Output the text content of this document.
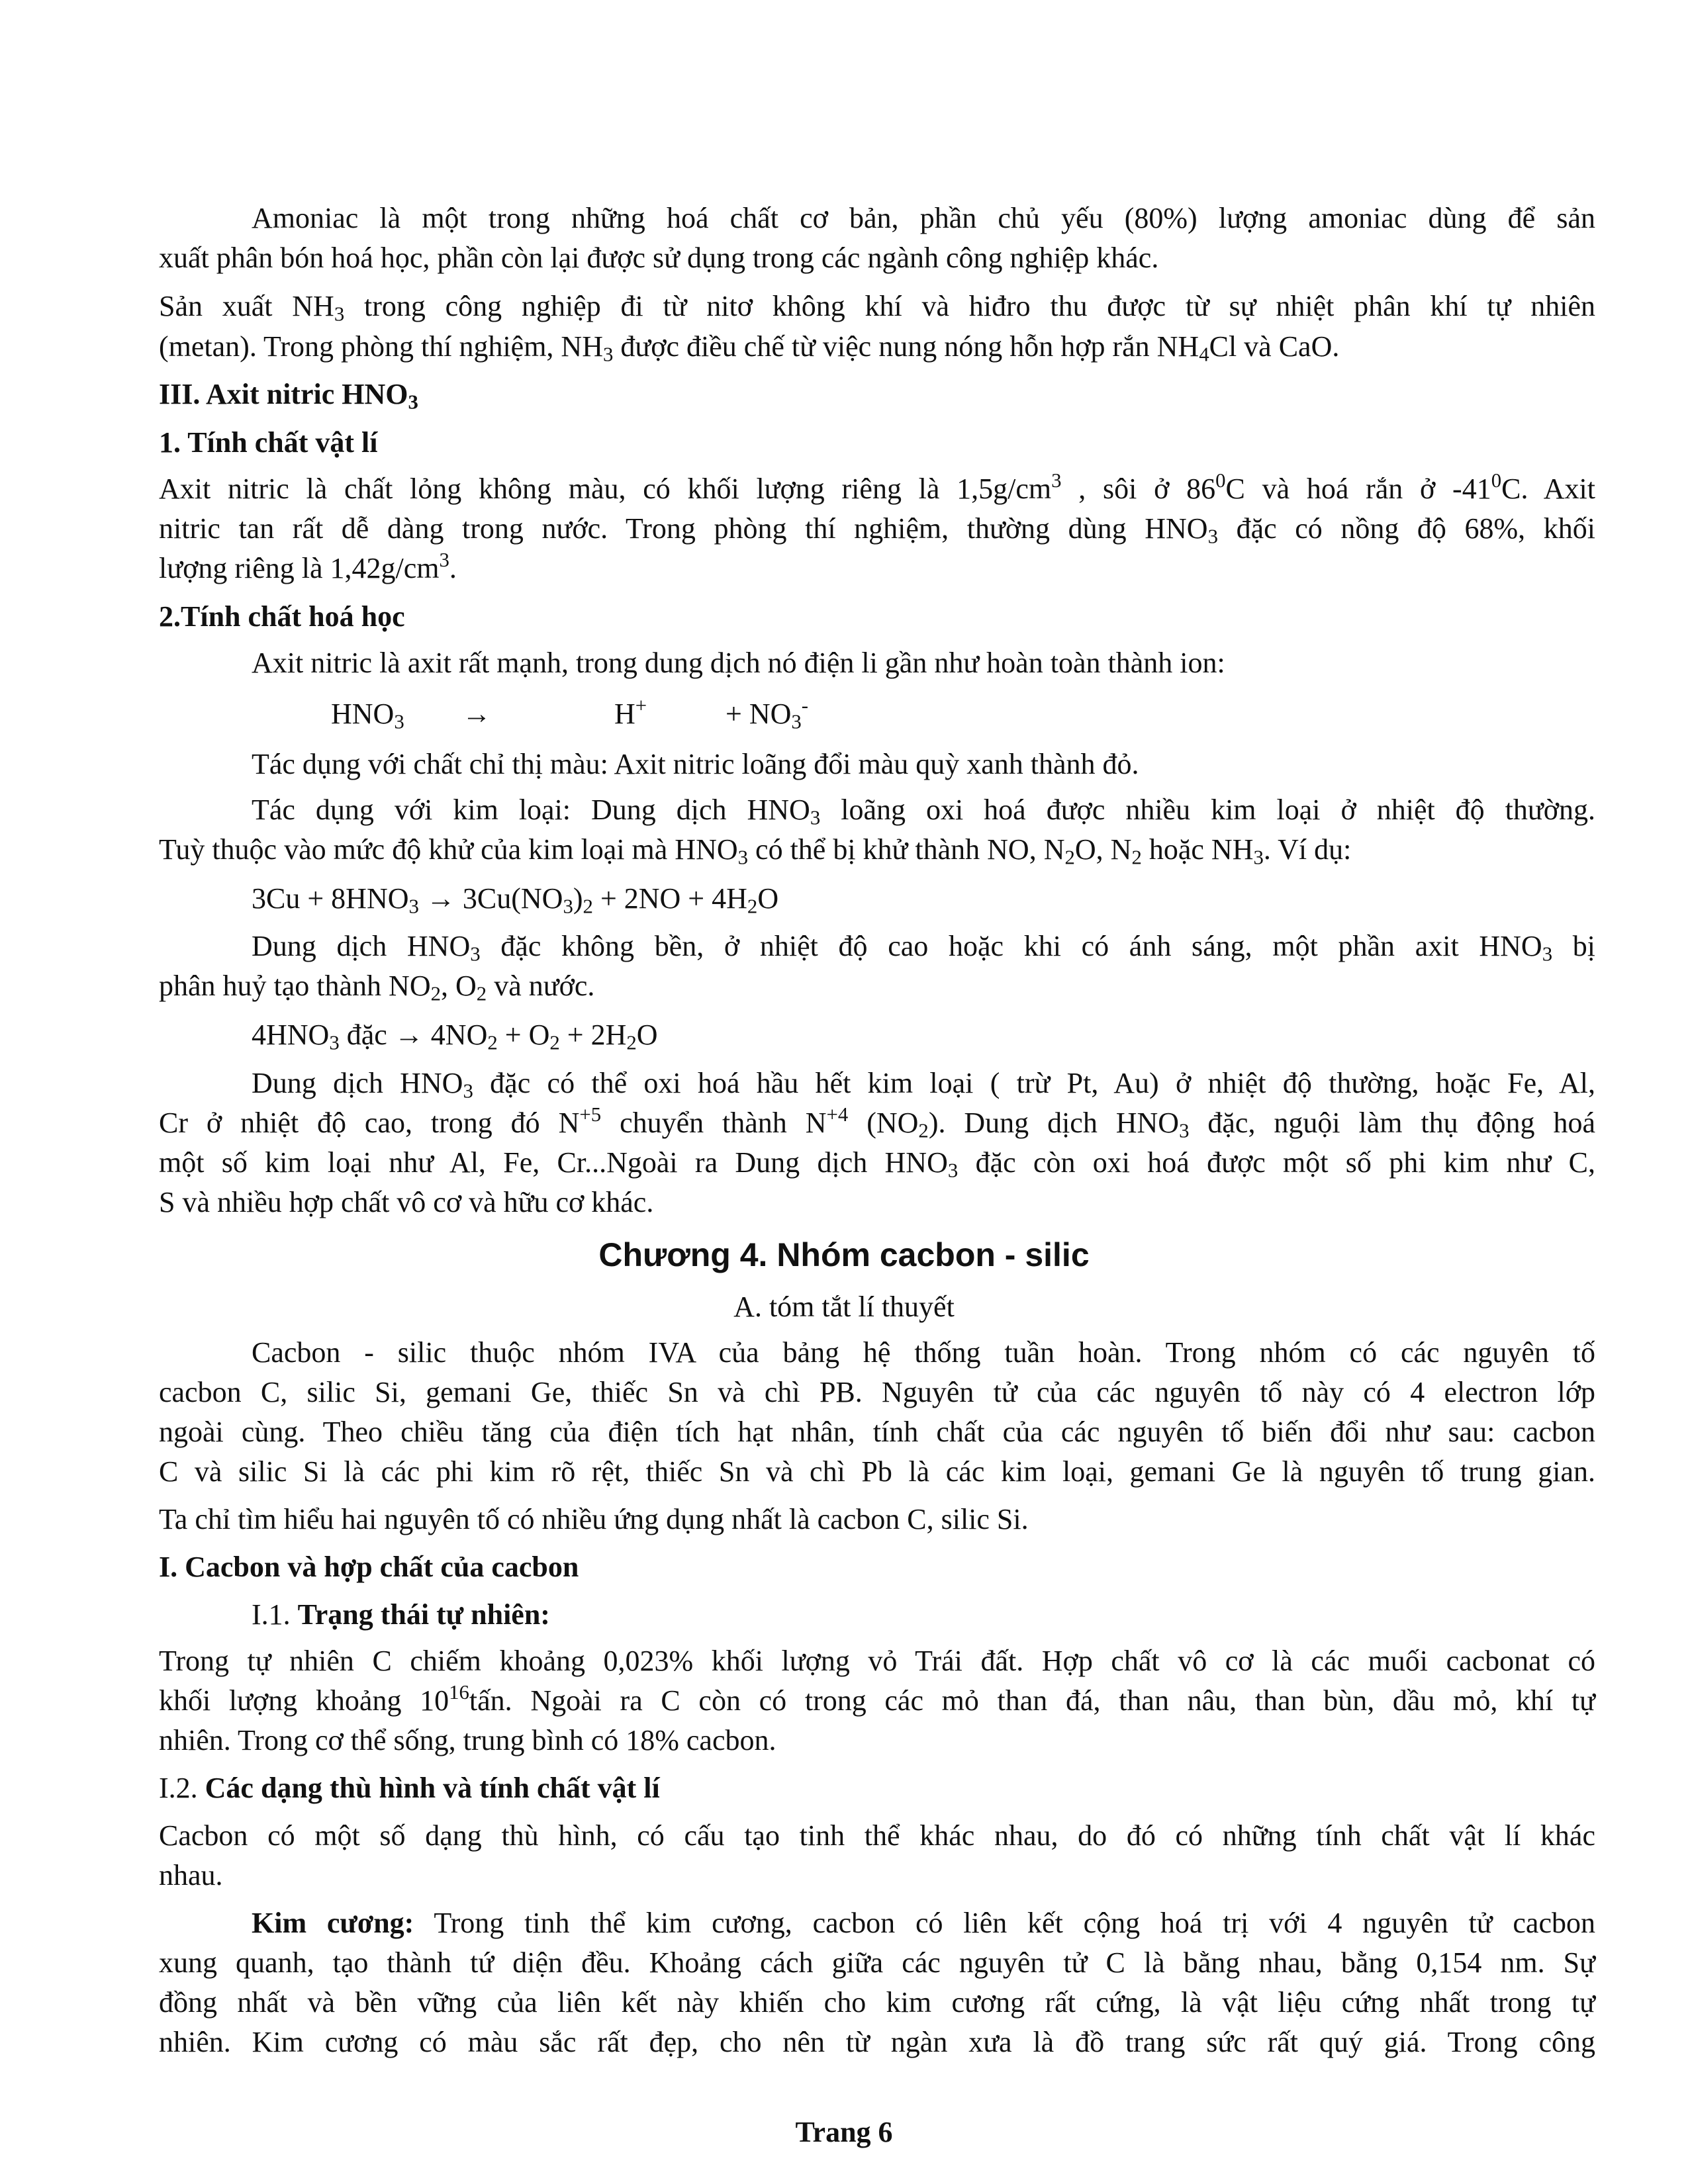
Amoniac là một trong những hoá chất cơ bản, phần chủ yếu (80%) lượng amoniac dùng để sản
xuất phân bón hoá học, phần còn lại được sử dụng trong các ngành công nghiệp khác.
Sản xuất $NH_3$ trong công nghiệp đi từ nitơ không khí và hiđro thu được từ sự nhiệt phân khí tự nhiên
(metan). Trong phòng thí nghiệm, $NH_3$ được điều chế từ việc nung nóng hỗn hợp rắn $NH_4Cl$ và CaO.
III. Axit nitric $HNO_3$
1. Tính chất vật lí
Axit nitric là chất lỏng không màu, có khối lượng riêng là $1,5g/cm^3$ , sôi ở $86^0C$ và hoá rắn ở $-41^0C$. Axit
nitric tan rất dễ dàng trong nước. Trong phòng thí nghiệm, thường dùng $HNO_3$ đặc có nồng độ 68%, khối
lượng riêng là $1,42g/cm^3$.
2.Tính chất hoá học
Axit nitric là axit rất mạnh, trong dung dịch nó điện li gần như hoàn toàn thành ion:
$HNO_3$ →	H+	+ $NO_3^-$
Tác dụng với chất chỉ thị màu: Axit nitric loãng đổi màu quỳ xanh thành đỏ.
Tác dụng với kim loại: Dung dịch $HNO_3$ loãng oxi hoá được nhiều kim loại ở nhiệt độ thường.
Tuỳ thuộc vào mức độ khử của kim loại mà $HNO_3$ có thể bị khử thành NO, $N_2O$, $N_2$ hoặc $NH_3$. Ví dụ:
$3Cu + 8HNO_3 \to 3Cu(NO_3)_2 + 2NO + 4H_2O$
Dung dịch $HNO_3$ đặc không bền, ở nhiệt độ cao hoặc khi có ánh sáng, một phần axit $HNO_3$ bị
phân huỷ tạo thành $NO_2$, $O_2$ và nước.
$4HNO_3$ đặc → $4NO_2 + O_2 + 2H_2O$
Dung dịch $HNO_3$ đặc có thể oxi hoá hầu hết kim loại ( trừ Pt, Au) ở nhiệt độ thường, hoặc Fe, Al,
Cr ở nhiệt độ cao, trong đó $N^{+5}$ chuyển thành $N^{+4}$ $(NO_2)$. Dung dịch $HNO_3$ đặc, nguội làm thụ động hoá
một số kim loại như Al, Fe, Cr...Ngoài ra Dung dịch $HNO_3$ đặc còn oxi hoá được một số phi kim như C,
S và nhiều hợp chất vô cơ và hữu cơ khác.
Chương 4. Nhóm cacbon - silic
A. tóm tắt lí thuyết
Cacbon - silic thuộc nhóm IVA của bảng hệ thống tuần hoàn. Trong nhóm có các nguyên tố
cacbon C, silic Si, gemani Ge, thiếc Sn và chì PB. Nguyên tử của các nguyên tố này có 4 electron lớp
ngoài cùng. Theo chiều tăng của điện tích hạt nhân, tính chất của các nguyên tố biến đổi như sau: cacbon
C và silic Si là các phi kim rõ rệt, thiếc Sn và chì Pb là các kim loại, gemani Ge là nguyên tố trung gian.
Ta chỉ tìm hiểu hai nguyên tố có nhiều ứng dụng nhất là cacbon C, silic Si.
I. Cacbon và hợp chất của cacbon
I.1. Trạng thái tự nhiên:
Trong tự nhiên C chiếm khoảng 0,023% khối lượng vỏ Trái đất. Hợp chất vô cơ là các muối cacbonat có
khối lượng khoảng $10^{16}tấn$. Ngoài ra C còn có trong các mỏ than đá, than nâu, than bùn, dầu mỏ, khí tự
nhiên. Trong cơ thể sống, trung bình có 18% cacbon.
I.2. Các dạng thù hình và tính chất vật lí
Cacbon có một số dạng thù hình, có cấu tạo tinh thể khác nhau, do đó có những tính chất vật lí khác
nhau.
Kim cương: Trong tinh thể kim cương, cacbon có liên kết cộng hoá trị với 4 nguyên tử cacbon
xung quanh, tạo thành tứ diện đều. Khoảng cách giữa các nguyên tử C là bằng nhau, bằng 0,154 nm. Sự
đồng nhất và bền vững của liên kết này khiến cho kim cương rất cứng, là vật liệu cứng nhất trong tự
nhiên. Kim cương có màu sắc rất đẹp, cho nên từ ngàn xưa là đồ trang sức rất quý giá. Trong công
Trang 6
